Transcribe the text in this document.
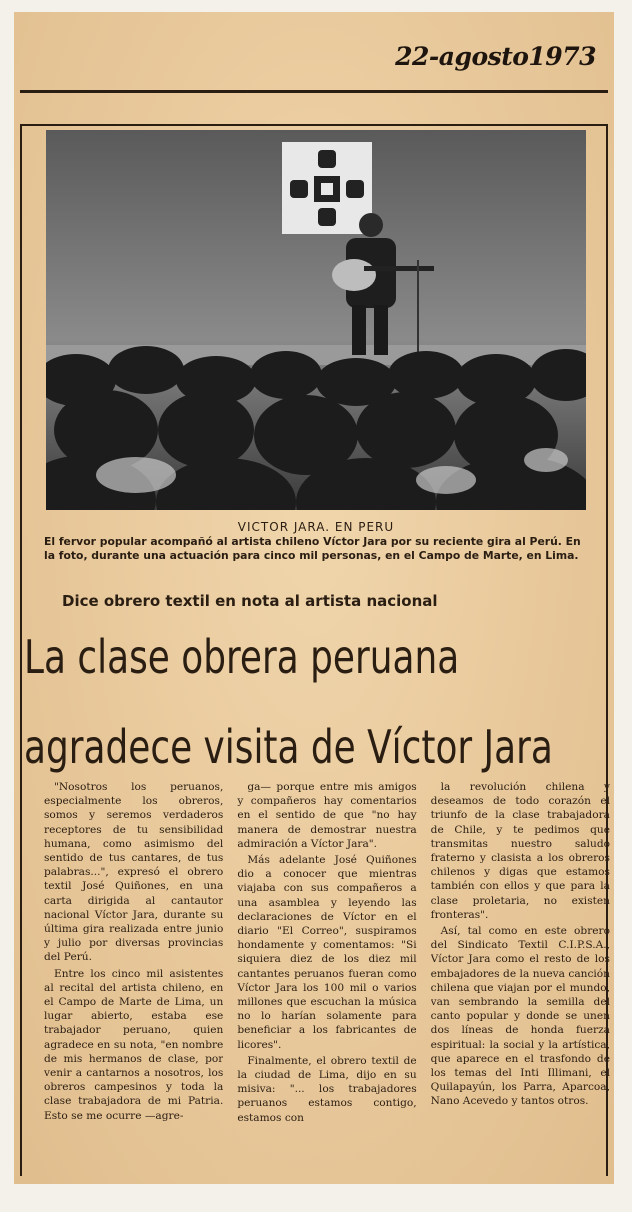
22-agosto1973
VICTOR JARA. EN PERU
El fervor popular acompañó al artista chileno Víctor Jara por su reciente gira al Perú. En la foto, durante una actuación para cinco mil personas, en el Campo de Marte, en Lima.
Dice obrero textil en nota al artista nacional
La clase obrera peruana
agradece visita de Víctor Jara

"Nosotros los peruanos, especialmente los obreros, somos y seremos verdaderos receptores de tu sensibilidad humana, como asimismo del sentido de tus cantares, de tus palabras...", expresó el obrero textil José Quiñones, en una carta dirigida al cantautor nacional Víctor Jara, durante su última gira realizada entre junio y julio por diversas provincias del Perú.

Entre los cinco mil asistentes al recital del artista chileno, en el Campo de Marte de Lima, un lugar abierto, estaba ese trabajador peruano, quien agradece en su nota, "en nombre de mis hermanos de clase, por venir a cantarnos a nosotros, los obreros campesinos y toda la clase trabajadora de mi Patria. Esto se me ocurre —agre-

ga— porque entre mis amigos y compañeros hay comentarios en el sentido de que "no hay manera de demostrar nuestra admiración a Víctor Jara".

Más adelante José Quiñones dio a conocer que mientras viajaba con sus compañeros a una asamblea y leyendo las declaraciones de Víctor en el diario "El Correo", suspiramos hondamente y comentamos: "Si siquiera diez de los diez mil cantantes peruanos fueran como Víctor Jara los 100 mil o varios millones que escuchan la música no lo harían solamente para beneficiar a los fabricantes de licores".

Finalmente, el obrero textil de la ciudad de Lima, dijo en su misiva: "... los trabajadores peruanos estamos contigo, estamos con

la revolución chilena y deseamos de todo corazón el triunfo de la clase trabajadora de Chile, y te pedimos que transmitas nuestro saludo fraterno y clasista a los obreros chilenos y digas que estamos también con ellos y que para la clase proletaria, no existen fronteras".

Así, tal como en este obrero del Sindicato Textil C.I.P.S.A., Víctor Jara como el resto de los embajadores de la nueva canción chilena que viajan por el mundo, van sembrando la semilla del canto popular y donde se unen dos líneas de honda fuerza espiritual: la social y la artística, que aparece en el trasfondo de los temas del Inti Illimani, el Quilapayún, los Parra, Aparcoa, Nano Acevedo y tantos otros.
